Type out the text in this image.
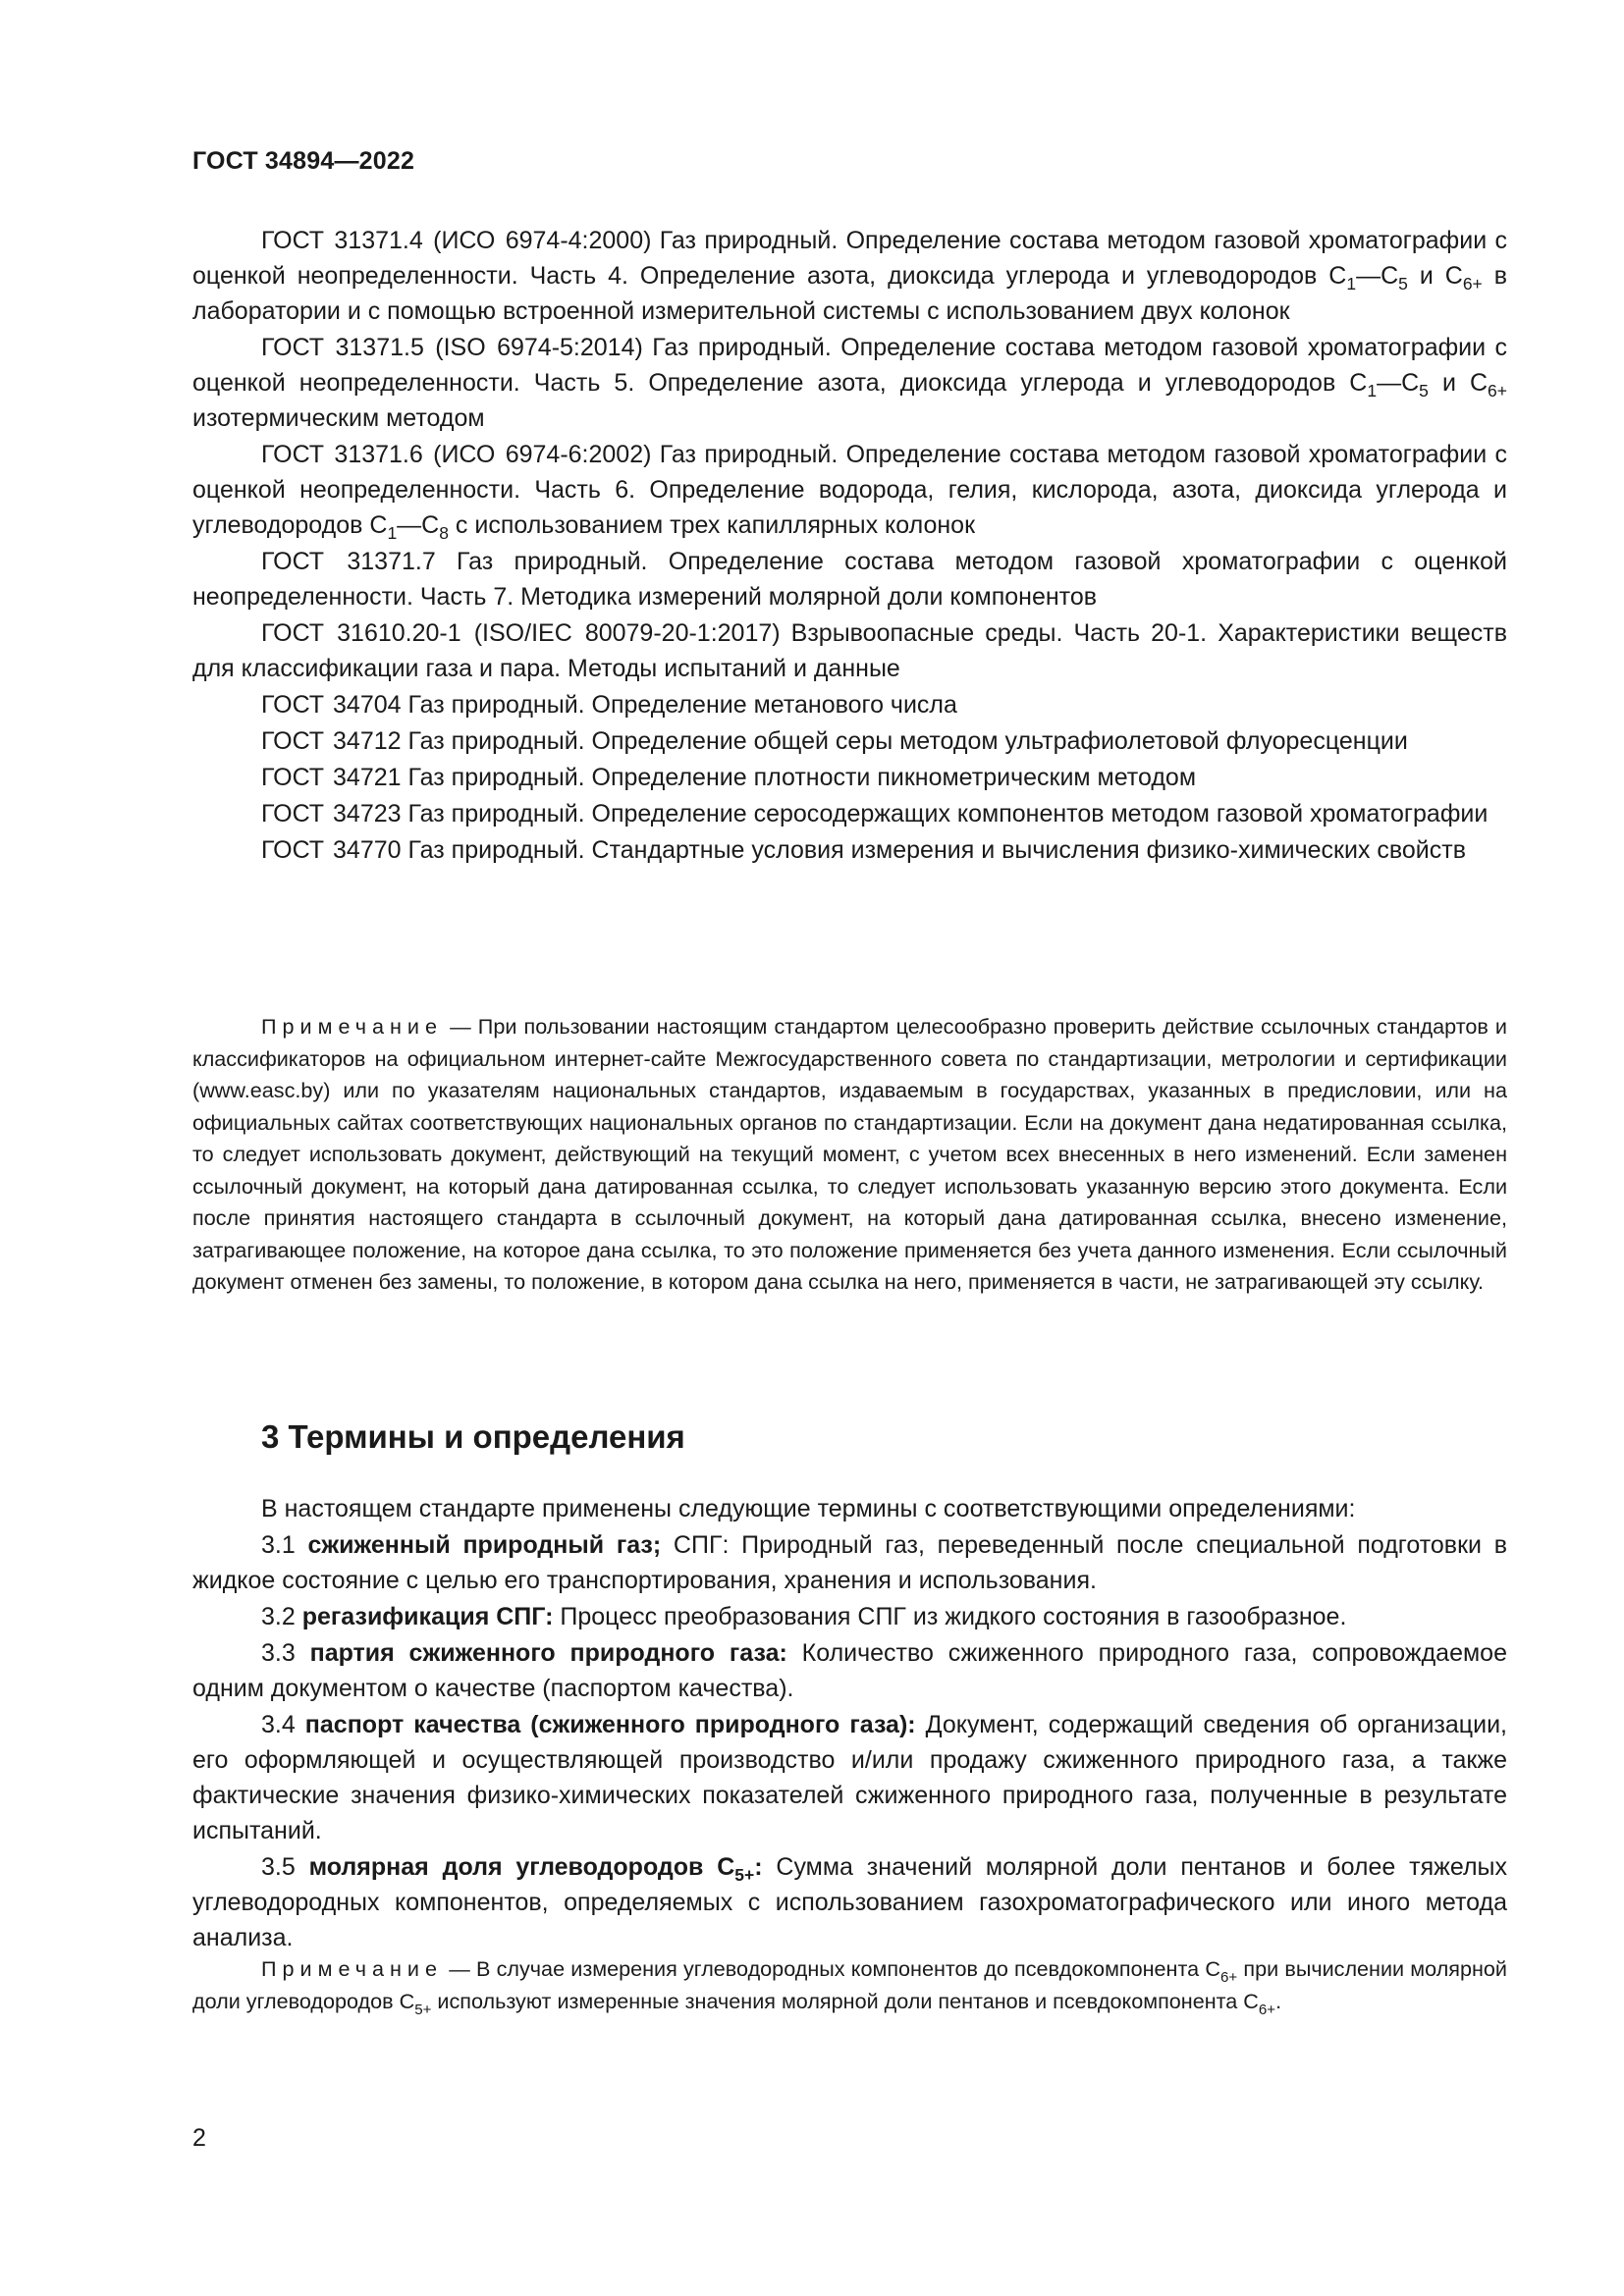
ГОСТ 34894—2022

ГОСТ 31371.4 (ИСО 6974-4:2000) Газ природный. Определение состава методом газовой хроматографии с оценкой неопределенности. Часть 4. Определение азота, диоксида углерода и углеводородов $С_1—С_5$ и $С_{6+}$ в лаборатории и с помощью встроенной измерительной системы с использованием двух колонок

ГОСТ 31371.5 (ISO 6974-5:2014) Газ природный. Определение состава методом газовой хроматографии с оценкой неопределенности. Часть 5. Определение азота, диоксида углерода и углеводородов $С_1—С_5$ и $С_{6+}$ изотермическим методом

ГОСТ 31371.6 (ИСО 6974-6:2002) Газ природный. Определение состава методом газовой хроматографии с оценкой неопределенности. Часть 6. Определение водорода, гелия, кислорода, азота, диоксида углерода и углеводородов $С_1—С_8$ с использованием трех капиллярных колонок

ГОСТ 31371.7 Газ природный. Определение состава методом газовой хроматографии с оценкой неопределенности. Часть 7. Методика измерений молярной доли компонентов

ГОСТ 31610.20-1 (ISO/IEC 80079-20-1:2017) Взрывоопасные среды. Часть 20-1. Характеристики веществ для классификации газа и пара. Методы испытаний и данные

ГОСТ 34704 Газ природный. Определение метанового числа

ГОСТ 34712 Газ природный. Определение общей серы методом ультрафиолетовой флуоресценции

ГОСТ 34721 Газ природный. Определение плотности пикнометрическим методом

ГОСТ 34723 Газ природный. Определение серосодержащих компонентов методом газовой хроматографии

ГОСТ 34770 Газ природный. Стандартные условия измерения и вычисления физико-химических свойств

Примечание — При пользовании настоящим стандартом целесообразно проверить действие ссылочных стандартов и классификаторов на официальном интернет-сайте Межгосударственного совета по стандартизации, метрологии и сертификации (www.easc.by) или по указателям национальных стандартов, издаваемым в государствах, указанных в предисловии, или на официальных сайтах соответствующих национальных органов по стандартизации. Если на документ дана недатированная ссылка, то следует использовать документ, действующий на текущий момент, с учетом всех внесенных в него изменений. Если заменен ссылочный документ, на который дана датированная ссылка, то следует использовать указанную версию этого документа. Если после принятия настоящего стандарта в ссылочный документ, на который дана датированная ссылка, внесено изменение, затрагивающее положение, на которое дана ссылка, то это положение применяется без учета данного изменения. Если ссылочный документ отменен без замены, то положение, в котором дана ссылка на него, применяется в части, не затрагивающей эту ссылку.
3 Термины и определения

В настоящем стандарте применены следующие термины с соответствующими определениями:

3.1 сжиженный природный газ; СПГ: Природный газ, переведенный после специальной подготовки в жидкое состояние с целью его транспортирования, хранения и использования.

3.2 регазификация СПГ: Процесс преобразования СПГ из жидкого состояния в газообразное.

3.3 партия сжиженного природного газа: Количество сжиженного природного газа, сопровождаемое одним документом о качестве (паспортом качества).

3.4 паспорт качества (сжиженного природного газа): Документ, содержащий сведения об организации, его оформляющей и осуществляющей производство и/или продажу сжиженного природного газа, а также фактические значения физико-химических показателей сжиженного природного газа, полученные в результате испытаний.

3.5 молярная доля углеводородов $С_{5+}$: Сумма значений молярной доли пентанов и более тяжелых углеводородных компонентов, определяемых с использованием газохроматографического или иного метода анализа.

Примечание — В случае измерения углеводородных компонентов до псевдокомпонента $С_{6+}$ при вычислении молярной доли углеводородов $С_{5+}$ используют измеренные значения молярной доли пентанов и псевдокомпонента $С_{6+}$.
2
